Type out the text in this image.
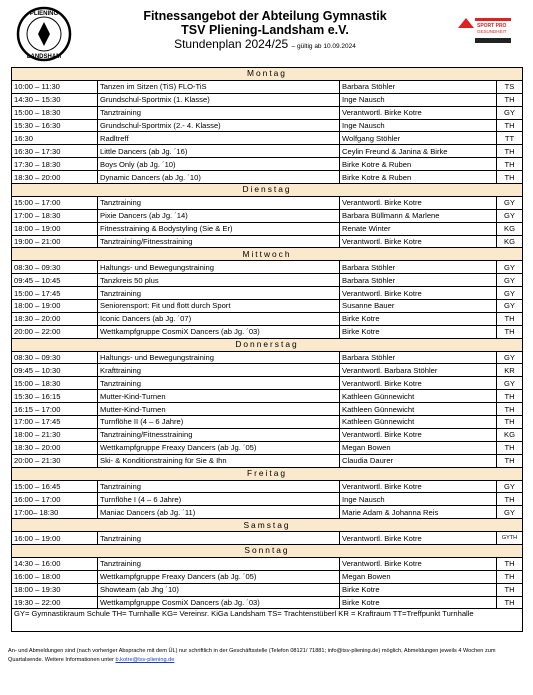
PLIENING
LANDSHAM
SPORT PRO
GESUNDHEIT
Fitnessangebot der Abteilung Gymnastik
TSV Pliening-Landsham e.V.
Stundenplan 2024/25 – gültig ab 10.09.2024
Montag			
10:00 – 11:30	Tanzen im Sitzen (TiS) FLO-TiS	Barbara Stöhler	TS
14:30 – 15:30	Grundschul-Sportmix (1. Klasse)	Inge Nausch	TH
15:00 – 18:30	Tanztraining	Verantwortl. Birke Kotre	GY
15:30 – 16:30	Grundschul-Sportmix (2.- 4. Klasse)	Inge Nausch	TH
16:30	Radltreff	Wolfgang Stöhler	TT
16:30 – 17:30	Little Dancers (ab Jg. ´16)	Ceylin Freund & Janina & Birke	TH
17:30 – 18:30	Boys Only (ab Jg. ´10)	Birke Kotre & Ruben	TH
18:30 – 20:00	Dynamic Dancers (ab Jg. ´10)	Birke Kotre & Ruben	TH
Dienstag			
15:00 – 17:00	Tanztraining	Verantwortl. Birke Kotre	GY
17:00 – 18:30	Pixie Dancers (ab Jg. ´14)	Barbara Büllmann & Marlene	GY
18:00 – 19:00	Fitnesstraining & Bodystyling (Sie & Er)	Renate Winter	KG
19:00 – 21:00	Tanztraining/Fitnesstraining	Verantwortl. Birke Kotre	KG
Mittwoch			
08:30 – 09:30	Haltungs- und Bewegungstraining	Barbara Stöhler	GY
09:45 – 10:45	Tanzkreis 50 plus	Barbara Stöhler	GY
15:00 – 17:45	Tanztraining	Verantwortl. Birke Kotre	GY
18:00 – 19:00	Seniorensport: Fit und flott durch Sport	Susanne Bauer	GY
18:30 – 20:00	Iconic Dancers (ab Jg. ´07)	Birke Kotre	TH
20:00 – 22:00	Wettkampfgruppe CosmiX Dancers (ab Jg. ´03)	Birke Kotre	TH
Donnerstag			
08:30 – 09:30	Haltungs- und Bewegungstraining	Barbara Stöhler	GY
09:45 – 10:30	Krafttraining	Verantwortl. Barbara Stöhler	KR
15:00 – 18:30	Tanztraining	Verantwortl. Birke Kotre	GY
15:30 – 16:15	Mutter-Kind-Turnen	Kathleen Günnewicht	TH
16:15 – 17:00	Mutter-Kind-Turnen	Kathleen Günnewicht	TH
17:00 – 17:45	Turnflöhe II (4 – 6 Jahre)	Kathleen Günnewicht	TH
18:00 – 21:30	Tanztraining/Fitnesstraining	Verantwortl. Birke Kotre	KG
18:30 – 20:00	Wettkampfgruppe Freaxy Dancers (ab Jg. ´05)	Megan Bowen	TH
20:00 – 21:30	Ski- & Konditionstraining für Sie & Ihn	Claudia Daurer	TH
Freitag			
15:00 – 16:45	Tanztraining	Verantwortl. Birke Kotre	GY
16:00 – 17:00	Turnflöhe I (4 – 6 Jahre)	Inge Nausch	TH
17:00– 18:30	Maniac Dancers (ab Jg. ´11)	Marie Adam & Johanna Reis	GY
Samstag			
16:00 – 19:00	Tanztraining	Verantwortl. Birke Kotre	GYTH
Sonntag			
14:30 – 16:00	Tanztraining	Verantwortl. Birke Kotre	TH
16:00 – 18:00	Wettkampfgruppe Freaxy Dancers (ab Jg. ´05)	Megan Bowen	TH
18:00 – 19:30	Showteam (ab Jhg ´10)	Birke Kotre	TH
19:30 – 22:00	Wettkampfgruppe CosmiX Dancers (ab Jg. ´03)	Birke Kotre	TH
GY= Gymnastikraum Schule TH= Turnhalle KG= Vereinsr. KiGa Landsham TS= Trachtenstüberl KR = Kraftraum TT=Treffpunkt Turnhalle			
An- und Abmeldungen sind (nach vorheriger Absprache mit dem ÜL) nur schriftlich in der Geschäftsstelle (Telefon 08121/ 71881; info@tsv-pliening.de) möglich, Abmeldungen jeweils 4 Wochen zum Quartalsende. Weitere Informationen unter b.kotre@tsv-pliening.de
